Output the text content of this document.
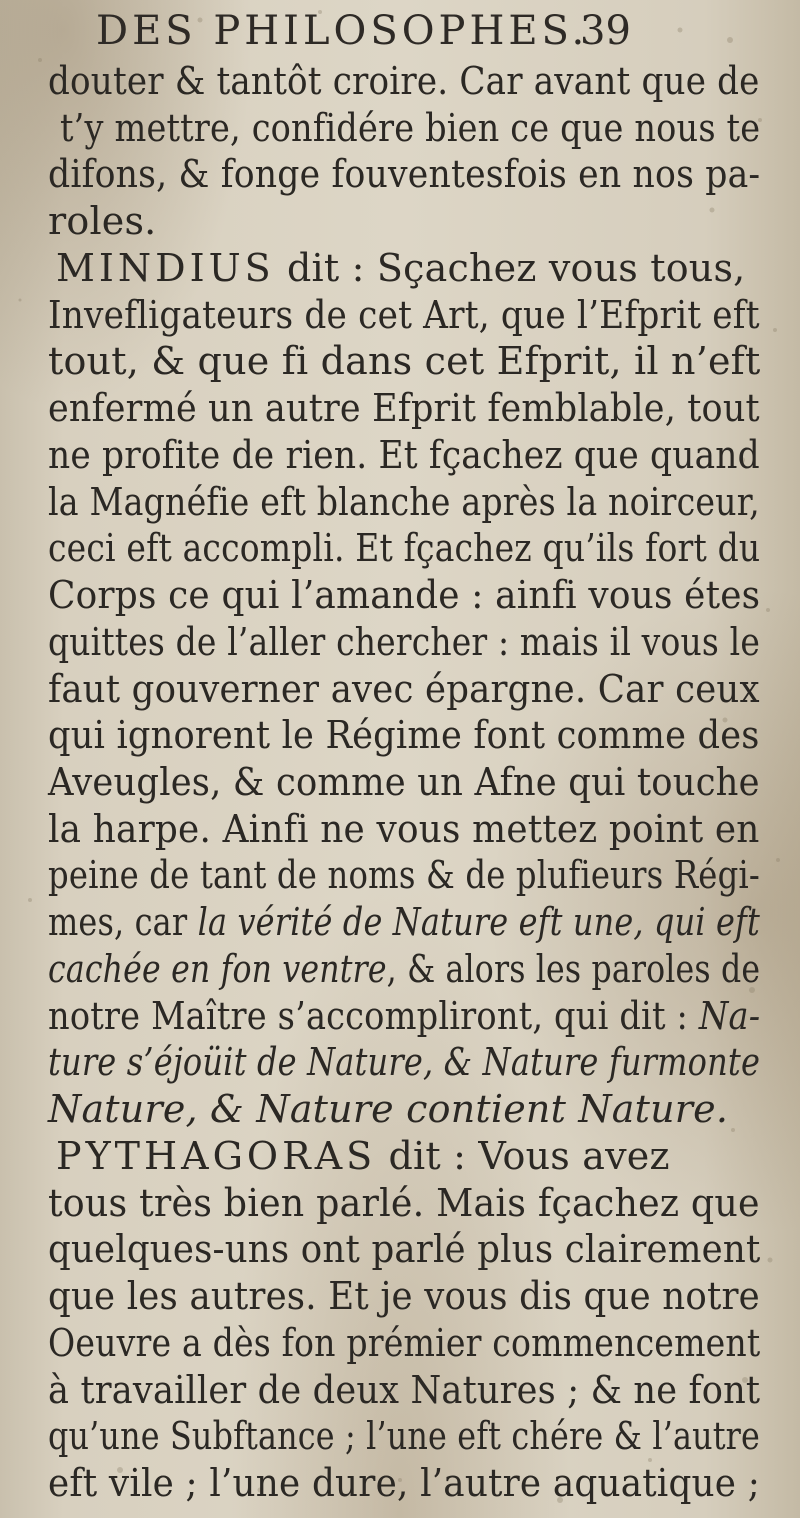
DES PHILOSOPHES.
39
douter & tantôt croire. Car avant que de
t’y mettre, confidére bien ce que nous te
difons, & fonge fouventesfois en nos pa-
roles.
MINDIUS dit : Sçachez vous tous,
Invefligateurs de cet Art, que l’Efprit eft
tout, & que fi dans cet Efprit, il n’eft
enfermé un autre Efprit femblable, tout
ne profite de rien. Et fçachez que quand
la Magnéfie eft blanche après la noirceur,
ceci eft accompli. Et fçachez qu’ils fort du
Corps ce qui l’amande : ainfi vous étes
quittes de l’aller chercher : mais il vous le
faut gouverner avec épargne. Car ceux
qui ignorent le Régime font comme des
Aveugles, & comme un Afne qui touche
la harpe. Ainfi ne vous mettez point en
peine de tant de noms & de plufieurs Régi-
mes, car la vérité de Nature eft une, qui eft
cachée en fon ventre, & alors les paroles de
notre Maître s’accompliront, qui dit : Na-
ture s’éjoüit de Nature, & Nature furmonte
Nature, & Nature contient Nature.
PYTHAGORAS dit : Vous avez
tous très bien parlé. Mais fçachez que
quelques-uns ont parlé plus clairement
que les autres. Et je vous dis que notre
Oeuvre a dès fon prémier commencement
à travailler de deux Natures ; & ne font
qu’une Subftance ; l’une eft chére & l’autre
eft vile ; l’une dure, l’autre aquatique ;
